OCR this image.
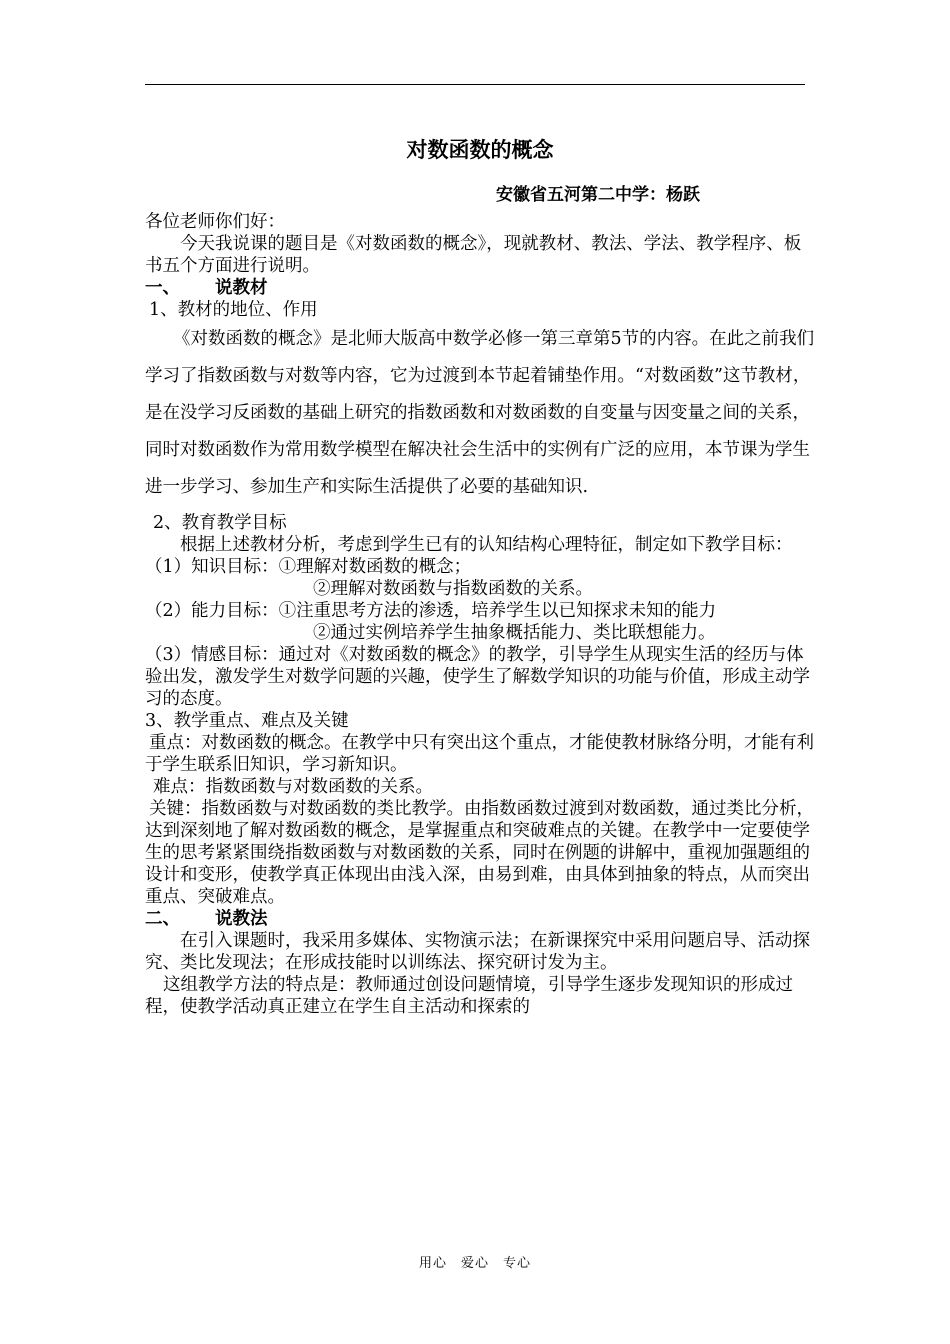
对数函数的概念
安徽省五河第二中学：杨跃

各位老师你们好：

今天我说课的题目是《对数函数的概念》，现就教材、教法、学法、教学程序、板书五个方面进行说明。

一、 说教材

1、教材的地位、作用

《对数函数的概念》是北师大版高中数学必修一第三章第5节的内容。在此之前我们学习了指数函数与对数等内容，它为过渡到本节起着铺垫作用。“对数函数”这节教材，是在没学习反函数的基础上研究的指数函数和对数函数的自变量与因变量之间的关系，同时对数函数作为常用数学模型在解决社会生活中的实例有广泛的应用，本节课为学生进一步学习、参加生产和实际生活提供了必要的基础知识.

2、教育教学目标

根据上述教材分析，考虑到学生已有的认知结构心理特征，制定如下教学目标：

（1）知识目标：①理解对数函数的概念；

②理解对数函数与指数函数的关系。

（2）能力目标：①注重思考方法的渗透，培养学生以已知探求未知的能力

②通过实例培养学生抽象概括能力、类比联想能力。

（3）情感目标：通过对《对数函数的概念》的教学，引导学生从现实生活的经历与体验出发，激发学生对数学问题的兴趣，使学生了解数学知识的功能与价值，形成主动学习的态度。

3、教学重点、难点及关键

重点：对数函数的概念。在教学中只有突出这个重点，才能使教材脉络分明，才能有利于学生联系旧知识，学习新知识。

难点：指数函数与对数函数的关系。

关键：指数函数与对数函数的类比教学。由指数函数过渡到对数函数，通过类比分析，达到深刻地了解对数函数的概念，是掌握重点和突破难点的关键。在教学中一定要使学生的思考紧紧围绕指数函数与对数函数的关系，同时在例题的讲解中，重视加强题组的设计和变形，使教学真正体现出由浅入深，由易到难，由具体到抽象的特点，从而突出重点、突破难点。

二、 说教法

在引入课题时，我采用多媒体、实物演示法；在新课探究中采用问题启导、活动探究、类比发现法；在形成技能时以训练法、探究研讨发为主。

这组教学方法的特点是：教师通过创设问题情境，引导学生逐步发现知识的形成过程，使教学活动真正建立在学生自主活动和探索的

用心　爱心　专心
